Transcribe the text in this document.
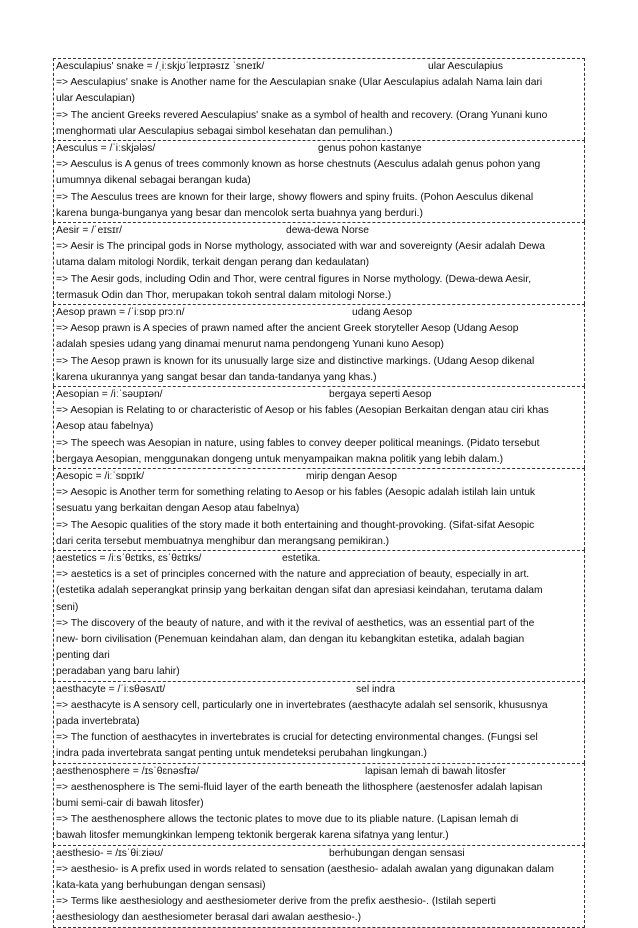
Aesculapius' snake = /ˌiːskjʊˈleɪpɪəsɪz ˈsneɪk/	ular Aesculapius
=> Aesculapius' snake is Another name for the Aesculapian snake (Ular Aesculapius adalah Nama lain dari
ular Aesculapian)
=> The ancient Greeks revered Aesculapius' snake as a symbol of health and recovery. (Orang Yunani kuno
menghormati ular Aesculapius sebagai simbol kesehatan dan pemulihan.)
Aesculus = /ˈiːskjələs/	genus pohon kastanye
=> Aesculus is A genus of trees commonly known as horse chestnuts (Aesculus adalah genus pohon yang
umumnya dikenal sebagai berangan kuda)
=> The Aesculus trees are known for their large, showy flowers and spiny fruits. (Pohon Aesculus dikenal
karena bunga-bunganya yang besar dan mencolok serta buahnya yang berduri.)
Aesir = /ˈeɪsɪr/	dewa-dewa Norse
=> Aesir is The principal gods in Norse mythology, associated with war and sovereignty (Aesir adalah Dewa
utama dalam mitologi Nordik, terkait dengan perang dan kedaulatan)
=> The Aesir gods, including Odin and Thor, were central figures in Norse mythology. (Dewa-dewa Aesir,
termasuk Odin dan Thor, merupakan tokoh sentral dalam mitologi Norse.)
Aesop prawn = /ˈiːsɒp prɔːn/	udang Aesop
=> Aesop prawn is A species of prawn named after the ancient Greek storyteller Aesop (Udang Aesop
adalah spesies udang yang dinamai menurut nama pendongeng Yunani kuno Aesop)
=> The Aesop prawn is known for its unusually large size and distinctive markings. (Udang Aesop dikenal
karena ukurannya yang sangat besar dan tanda-tandanya yang khas.)
Aesopian = /iːˈsəʊpɪən/	bergaya seperti Aesop
=> Aesopian is Relating to or characteristic of Aesop or his fables (Aesopian Berkaitan dengan atau ciri khas
Aesop atau fabelnya)
=> The speech was Aesopian in nature, using fables to convey deeper political meanings. (Pidato tersebut
bergaya Aesopian, menggunakan dongeng untuk menyampaikan makna politik yang lebih dalam.)
Aesopic = /iːˈsɒpɪk/	mirip dengan Aesop
=> Aesopic is Another term for something relating to Aesop or his fables (Aesopic adalah istilah lain untuk
sesuatu yang berkaitan dengan Aesop atau fabelnya)
=> The Aesopic qualities of the story made it both entertaining and thought-provoking. (Sifat-sifat Aesopic
dari cerita tersebut membuatnya menghibur dan merangsang pemikiran.)
aestetics = /iːsˈθɛtɪks, ɛsˈθɛtɪks/	estetika.
=> aestetics is a set of principles concerned with the nature and appreciation of beauty, especially in art.
(estetika adalah seperangkat prinsip yang berkaitan dengan sifat dan apresiasi keindahan, terutama dalam
seni)
=> The discovery of the beauty of nature, and with it the revival of aesthetics, was an essential part of the
new- born civilisation (Penemuan keindahan alam, dan dengan itu kebangkitan estetika, adalah bagian
penting dari
peradaban yang baru lahir)
aesthacyte = /ˈiːsθəsʌɪt/	sel indra
=> aesthacyte is A sensory cell, particularly one in invertebrates (aesthacyte adalah sel sensorik, khususnya
pada invertebrata)
=> The function of aesthacytes in invertebrates is crucial for detecting environmental changes. (Fungsi sel
indra pada invertebrata sangat penting untuk mendeteksi perubahan lingkungan.)
aesthenosphere = /ɪsˈθɛnəsfɪə/	lapisan lemah di bawah litosfer
=> aesthenosphere is The semi-fluid layer of the earth beneath the lithosphere (aestenosfer adalah lapisan
bumi semi-cair di bawah litosfer)
=> The aesthenosphere allows the tectonic plates to move due to its pliable nature. (Lapisan lemah di
bawah litosfer memungkinkan lempeng tektonik bergerak karena sifatnya yang lentur.)
aesthesio- = /ɪsˈθiːziəʊ/	berhubungan dengan sensasi
=> aesthesio- is A prefix used in words related to sensation (aesthesio- adalah awalan yang digunakan dalam
kata-kata yang berhubungan dengan sensasi)
=> Terms like aesthesiology and aesthesiometer derive from the prefix aesthesio-. (Istilah seperti
aesthesiology dan aesthesiometer berasal dari awalan aesthesio-.)
